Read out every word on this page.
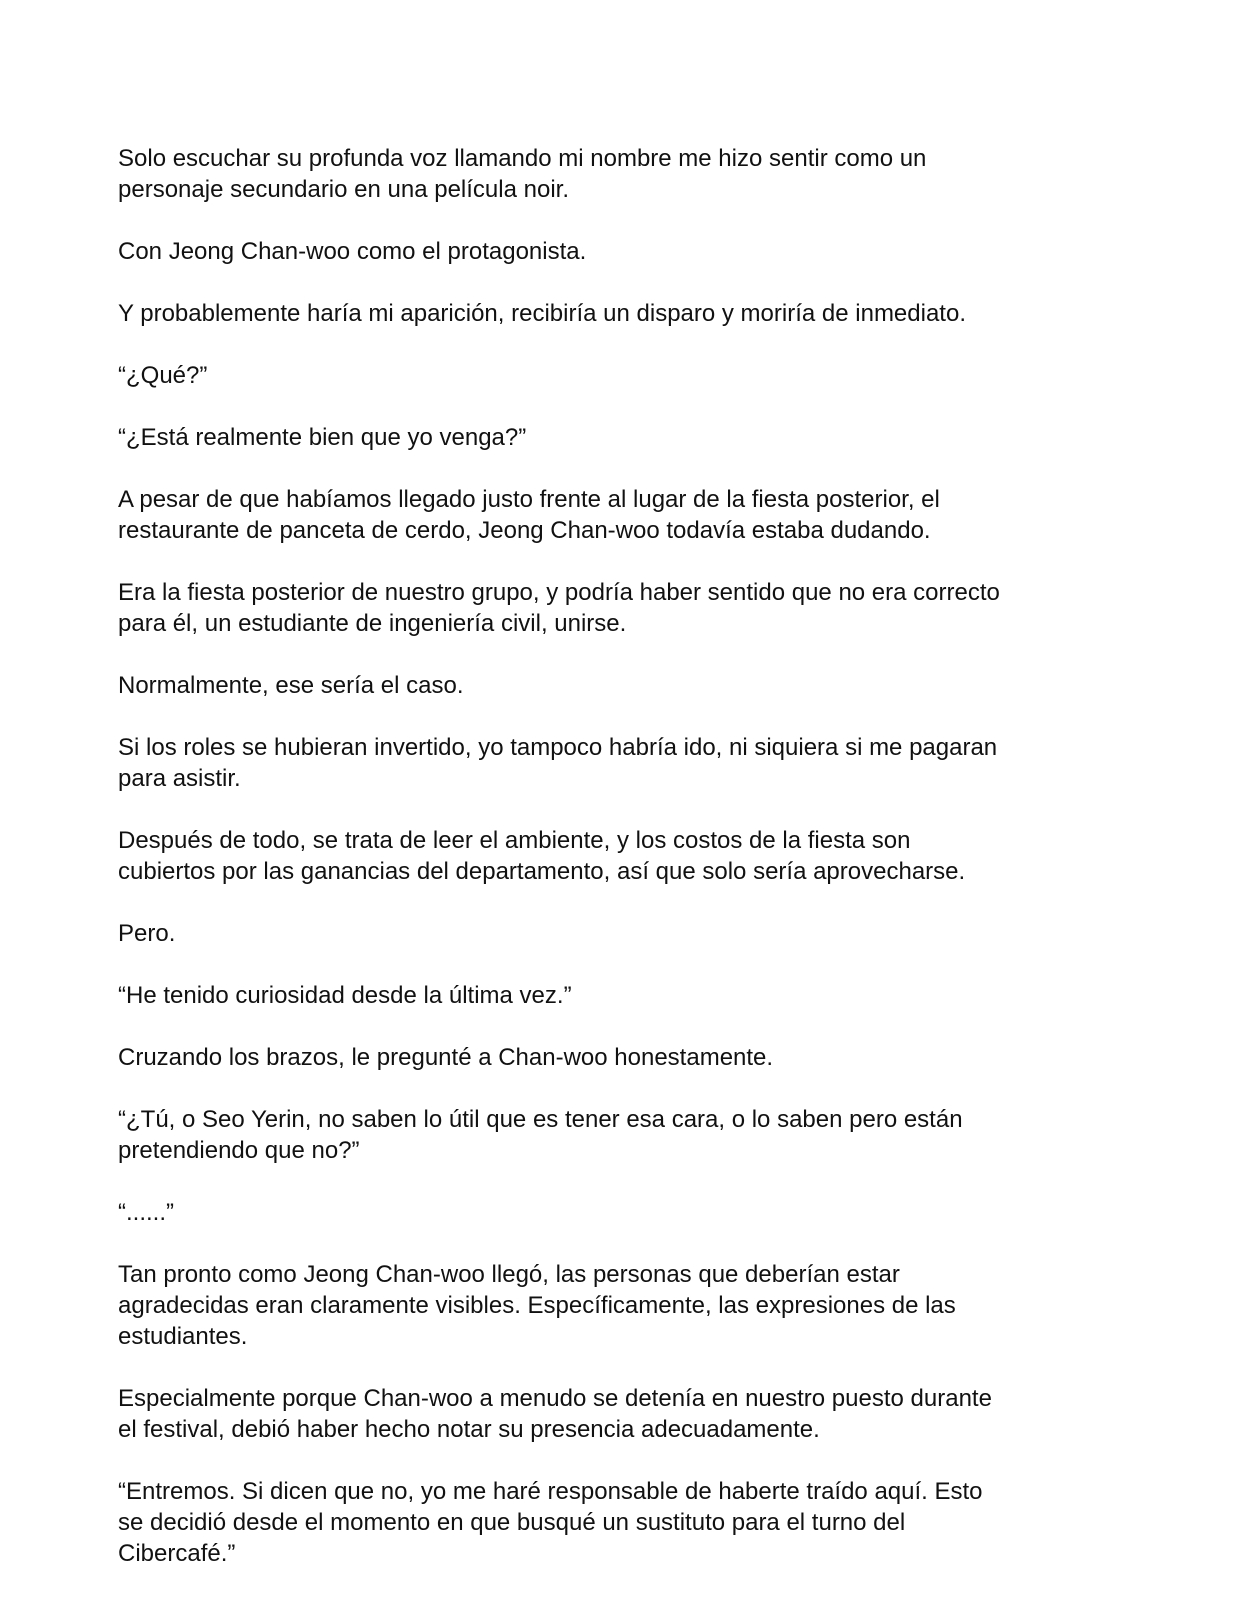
Solo escuchar su profunda voz llamando mi nombre me hizo sentir como un
personaje secundario en una película noir.

Con Jeong Chan-woo como el protagonista.

Y probablemente haría mi aparición, recibiría un disparo y moriría de inmediato.

“¿Qué?”

“¿Está realmente bien que yo venga?”

A pesar de que habíamos llegado justo frente al lugar de la fiesta posterior, el
restaurante de panceta de cerdo, Jeong Chan-woo todavía estaba dudando.

Era la fiesta posterior de nuestro grupo, y podría haber sentido que no era correcto
para él, un estudiante de ingeniería civil, unirse.

Normalmente, ese sería el caso.

Si los roles se hubieran invertido, yo tampoco habría ido, ni siquiera si me pagaran
para asistir.

Después de todo, se trata de leer el ambiente, y los costos de la fiesta son
cubiertos por las ganancias del departamento, así que solo sería aprovecharse.

Pero.

“He tenido curiosidad desde la última vez.”

Cruzando los brazos, le pregunté a Chan-woo honestamente.

“¿Tú, o Seo Yerin, no saben lo útil que es tener esa cara, o lo saben pero están
pretendiendo que no?”

“......”

Tan pronto como Jeong Chan-woo llegó, las personas que deberían estar
agradecidas eran claramente visibles. Específicamente, las expresiones de las
estudiantes.

Especialmente porque Chan-woo a menudo se detenía en nuestro puesto durante
el festival, debió haber hecho notar su presencia adecuadamente.

“Entremos. Si dicen que no, yo me haré responsable de haberte traído aquí. Esto
se decidió desde el momento en que busqué un sustituto para el turno del
Cibercafé.”
